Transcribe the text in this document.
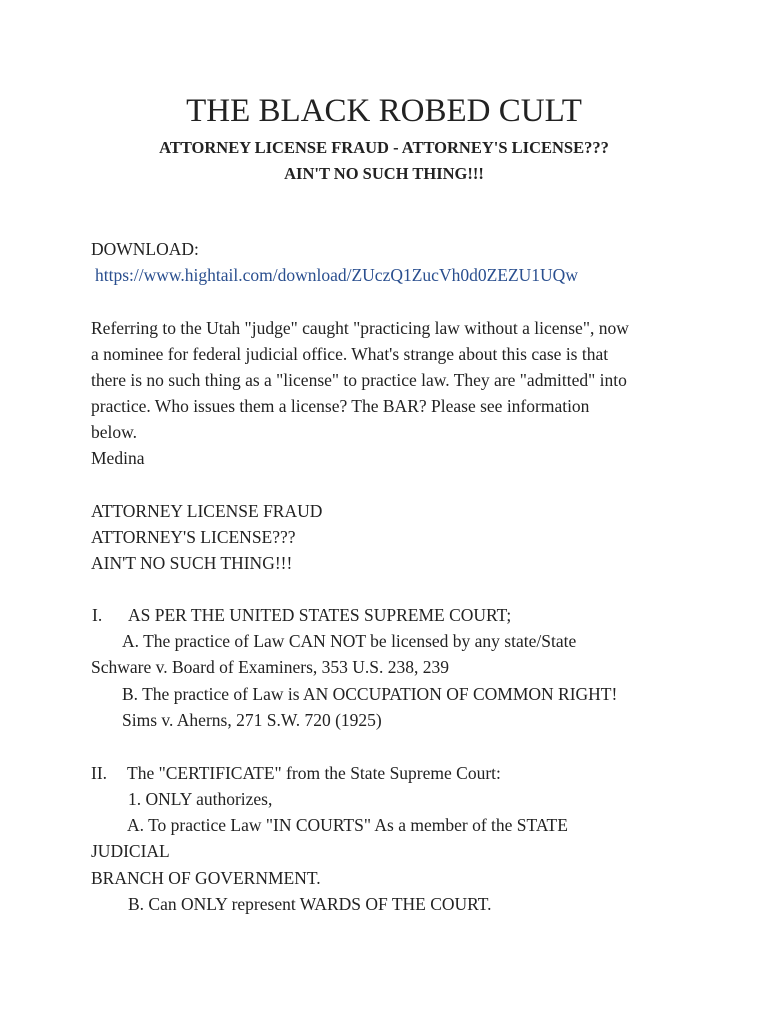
THE BLACK ROBED CULT
ATTORNEY LICENSE FRAUD - ATTORNEY'S LICENSE???
AIN'T NO SUCH THING!!!
DOWNLOAD:
https://www.hightail.com/download/ZUczQ1ZucVh0d0ZEZU1UQw
Referring to the Utah "judge" caught "practicing law without a license", now
a nominee for federal judicial office. What's strange about this case is that
there is no such thing as a "license" to practice law. They are "admitted" into
practice. Who issues them a license? The BAR? Please see information
below.
Medina
ATTORNEY LICENSE FRAUD
ATTORNEY'S LICENSE???
AIN'T NO SUCH THING!!!
I. AS PER THE UNITED STATES SUPREME COURT;
A. The practice of Law CAN NOT be licensed by any state/State
Schware v. Board of Examiners, 353 U.S. 238, 239
B. The practice of Law is AN OCCUPATION OF COMMON RIGHT!
Sims v. Aherns, 271 S.W. 720 (1925)
II. The "CERTIFICATE" from the State Supreme Court:
1. ONLY authorizes,
A. To practice Law "IN COURTS" As a member of the STATE
JUDICIAL
BRANCH OF GOVERNMENT.
B. Can ONLY represent WARDS OF THE COURT.
